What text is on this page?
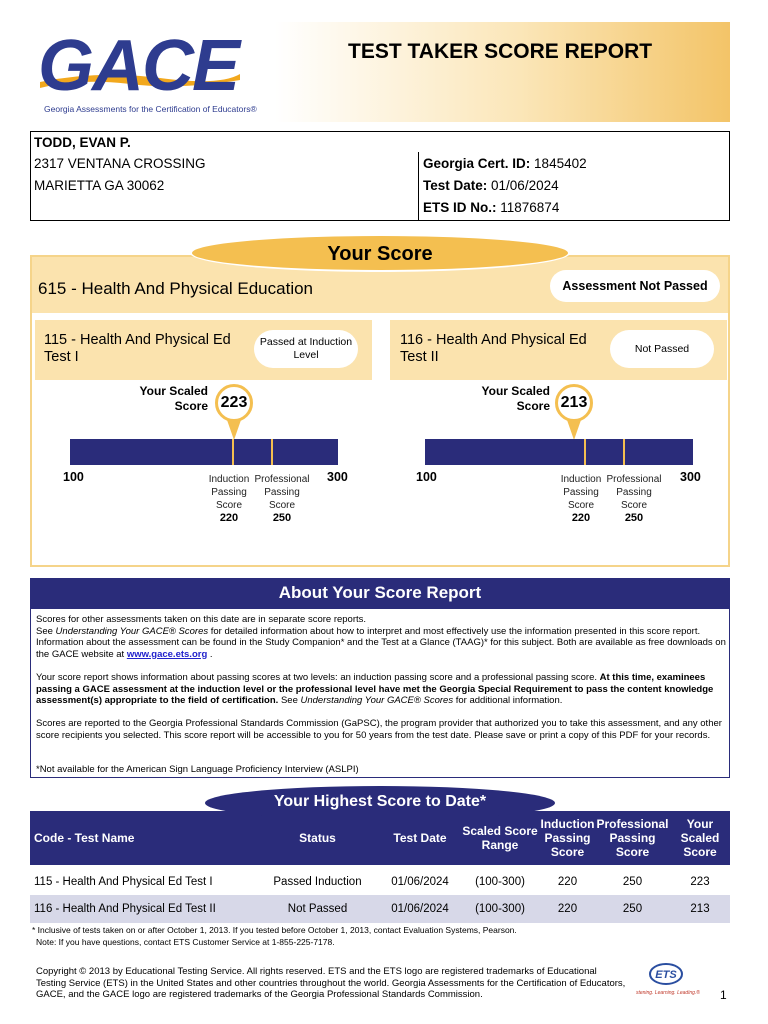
GACE
Georgia Assessments for the Certification of Educators®
TEST TAKER SCORE REPORT
TODD, EVAN P.
2317 VENTANA CROSSING
MARIETTA GA 30062
Georgia Cert. ID: 1845402
Test Date: 01/06/2024
ETS ID No.: 11876874
Your Score
615 - Health And Physical Education	Assessment Not Passed
115 - Health And Physical Ed Test I
Passed at Induction Level
Your Scaled Score 223
100	300
Induction Passing Score
220
Professional Passing Score
250
116 - Health And Physical Ed Test II
Not Passed
Your Scaled Score 213
100	300
Induction Passing Score
220
Professional Passing Score
250
About Your Score Report
Scores for other assessments taken on this date are in separate score reports.
See Understanding Your GACE® Scores for detailed information about how to interpret and most effectively use the information presented in this score report. Information about the assessment can be found in the Study Companion* and the Test at a Glance (TAAG)* for this subject. Both are available as free downloads on the GACE website at www.gace.ets.org .
Your score report shows information about passing scores at two levels: an induction passing score and a professional passing score. At this time, examinees passing a GACE assessment at the induction level or the professional level have met the Georgia Special Requirement to pass the content knowledge assessment(s) appropriate to the field of certification. See Understanding Your GACE® Scores for additional information.
Scores are reported to the Georgia Professional Standards Commission (GaPSC), the program provider that authorized you to take this assessment, and any other score recipients you selected. This score report will be accessible to you for 50 years from the test date. Please save or print a copy of this PDF for your records.
*Not available for the American Sign Language Proficiency Interview (ASLPI)
Code - Test Name	Status	Test Date	Scaled Score Range	Induction Passing Score	Professional Passing Score	Your Scaled Score
115 - Health And Physical Ed Test I	Passed Induction	01/06/2024	(100-300)	220	250	223
116 - Health And Physical Ed Test II	Not Passed	01/06/2024	(100-300)	220	250	213
Your Highest Score to Date*
* Inclusive of tests taken on or after October 1, 2013. If you tested before October 1, 2013, contact Evaluation Systems, Pearson.
Note: If you have questions, contact ETS Customer Service at 1-855-225-7178.
Copyright © 2013 by Educational Testing Service. All rights reserved. ETS and the ETS logo are registered trademarks of Educational Testing Service (ETS) in the United States and other countries throughout the world. Georgia Assessments for the Certification of Educators, GACE, and the GACE logo are registered trademarks of the Georgia Professional Standards Commission.
ETS
Listening. Learning. Leading.® 1
